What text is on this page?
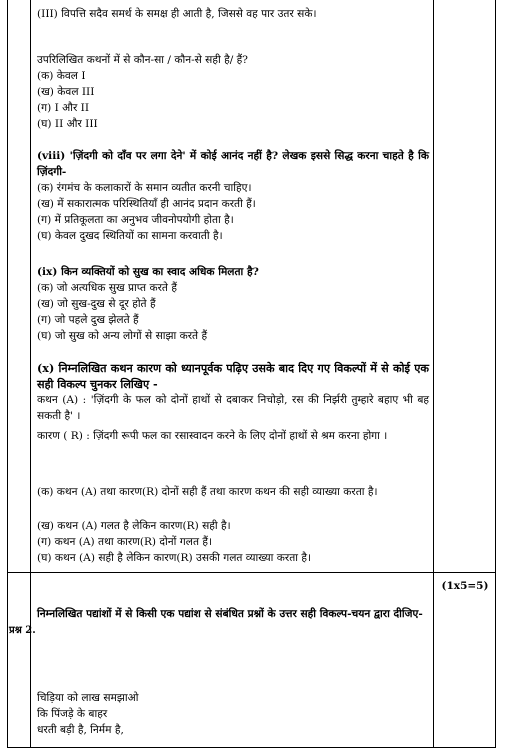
(III) विपत्ति सदैव समर्थ के समक्ष ही आती है, जिससे वह पार उतर सके।
उपरिलिखित कथनों में से कौन-सा / कौन-से सही है/ हैं?
(क) केवल I
(ख) केवल III
(ग) I और II
(घ) II और III
(viii) 'ज़िंदगी को दाँव पर लगा देने' में कोई आनंद नहीं है? लेखक इससे सिद्ध करना चाहते है कि ज़िंदगी-
(क) रंगमंच के कलाकारों के समान व्यतीत करनी चाहिए।
(ख) में सकारात्मक परिस्थितियाँ ही आनंद प्रदान करती हैं।
(ग) में प्रतिकूलता का अनुभव जीवनोपयोगी होता है।
(घ) केवल दुखद स्थितियों का सामना करवाती है।
(ix) किन व्यक्तियों को सुख का स्वाद अधिक मिलता है?
(क) जो अत्यधिक सुख प्राप्त करते हैं
(ख) जो सुख-दुख से दूर होते हैं
(ग) जो पहले दुख झेलते हैं
(घ) जो सुख को अन्य लोगों से साझा करते हैं
(x) निम्नलिखित कथन कारण को ध्यानपूर्वक पढ़िए उसके बाद दिए गए विकल्पों में से कोई एक सही विकल्प चुनकर लिखिए -
कथन (A) : 'ज़िंदगी के फल को दोनों हाथों से दबाकर निचोड़ो, रस की निर्झरी तुम्हारे बहाए भी बह सकती है' ।
कारण ( R) : ज़िंदगी रूपी फल का रसास्वादन करने के लिए दोनों हाथों से श्रम करना होगा ।
(क) कथन (A) तथा कारण(R) दोनों सही हैं तथा कारण कथन की सही व्याख्या करता है।
(ख) कथन (A) गलत है लेकिन कारण(R) सही है।
(ग) कथन (A) तथा कारण(R) दोनों गलत हैं।
(घ) कथन (A) सही है लेकिन कारण(R) उसकी गलत व्याख्या करता है।
प्रश्न 2.
(1x5=5)
निम्नलिखित पद्यांशों में से किसी एक पद्यांश से संबंधित प्रश्नों के उत्तर सही विकल्प-चयन द्वारा दीजिए-
चिड़िया को लाख समझाओ
कि पिंजड़े के बाहर
धरती बड़ी है, निर्मम है,
